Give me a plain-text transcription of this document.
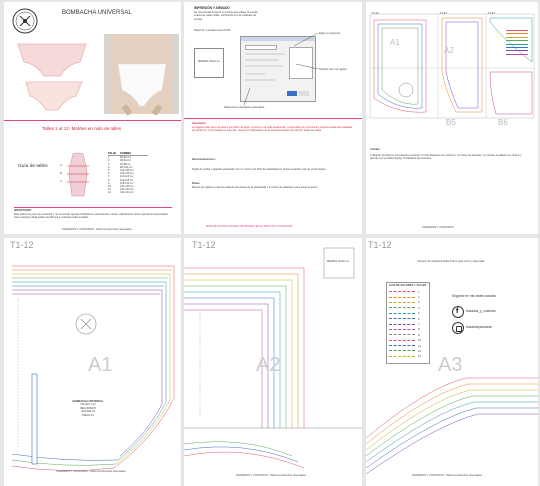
BOMBACHA UNIVERSAL

Talles 1 al 12- Moldes en nido de talles

Guía de talles	A

B

C

TALLE	CADERA
1	86-90 cm
2	90-94 cm
3	94-98 cm
4	98-102 cm
5	102-106 cm
6	106-110 cm
7	110-114 cm
8	114-118 cm
9	118-122 cm
10	122-126 cm
11	126-130 cm
12	130-134 cm

IMPORTANTE:

Este patrón es para uso personal y no comercial. Queda prohibida su reproducción, venta o distribución total o parcial sin autorización. Ante cualquier duda podés escribirnos a nuestras redes sociales.

TRAZADOS Y COSTURAS - Todos los derechos reservados

IMPRESIÓN Y ARMADO

Se recomienda imprimir con tinta para reflejar la escala exacta de cada molde, verificando con el cuadrado de prueba.

Papel A4, a escala real al 100%

MEDIDA 10x10 cm

Elegí tu impresora

Tamaño real / sin ajuste

Seleccionar orientación automática

Importante:

La página mide 21cm de ancho por 29cm de largo. Al Iorcir no la hoja aparecerán. Compruebe con una línea o regla la escala del cuadrado de 10x10 cm. Si la medida no coincide, revisa la configuración de tu impresora antes de imprimir todas las hojas.

Recomendaciones:

Tejido de modal o algodón elastizado con un mínimo de 20% de elasticidad en ambos sentidos, tela de punto liviana.

Notas:

Marcar por aparte a máximo cada de las piezas de la elasticidad y el centro de delantero para armar la pieza.

MIRA DE INSTRUCCIONES DE ARMADO EN LA SECCIÓN TUTORIALES

A1

A2

B5	B6

T1-12	T1-12	T1-12

Armado

1) Marcar el refuerzo entretiendo la costura. 2) Unir delantero con refuerzo. 3) Coser los laterales. 4) Colocar el elástico en cintura y piernas con puntada zigzag. 5) Planchar las costuras.

TRAZADOS Y COSTURAS

T1-12

A1

BOMBACHA UNIVERSAL

TALLES 1-12

DELANTERO

CORTAR X1

PIEZA 1/3

TRAZADOS Y COSTURAS - Todos los derechos reservados

T1-12

A2

MEDIDA 10x10 cm

TRAZADOS Y COSTURAS - Todos los derechos reservados

T1-12

Recorte de moldes/ta doble 0,5cm para cerrar y alas cada

GUIA DE COLORES Y TALLES

1
2
3
4
5
6
7
8
9
10
11
12
13

Seguime en mis redes sociales

f trazados_y_costuras

trazadosycosturas

A3

TRAZADOS Y COSTURAS - Todos los derechos reservados
